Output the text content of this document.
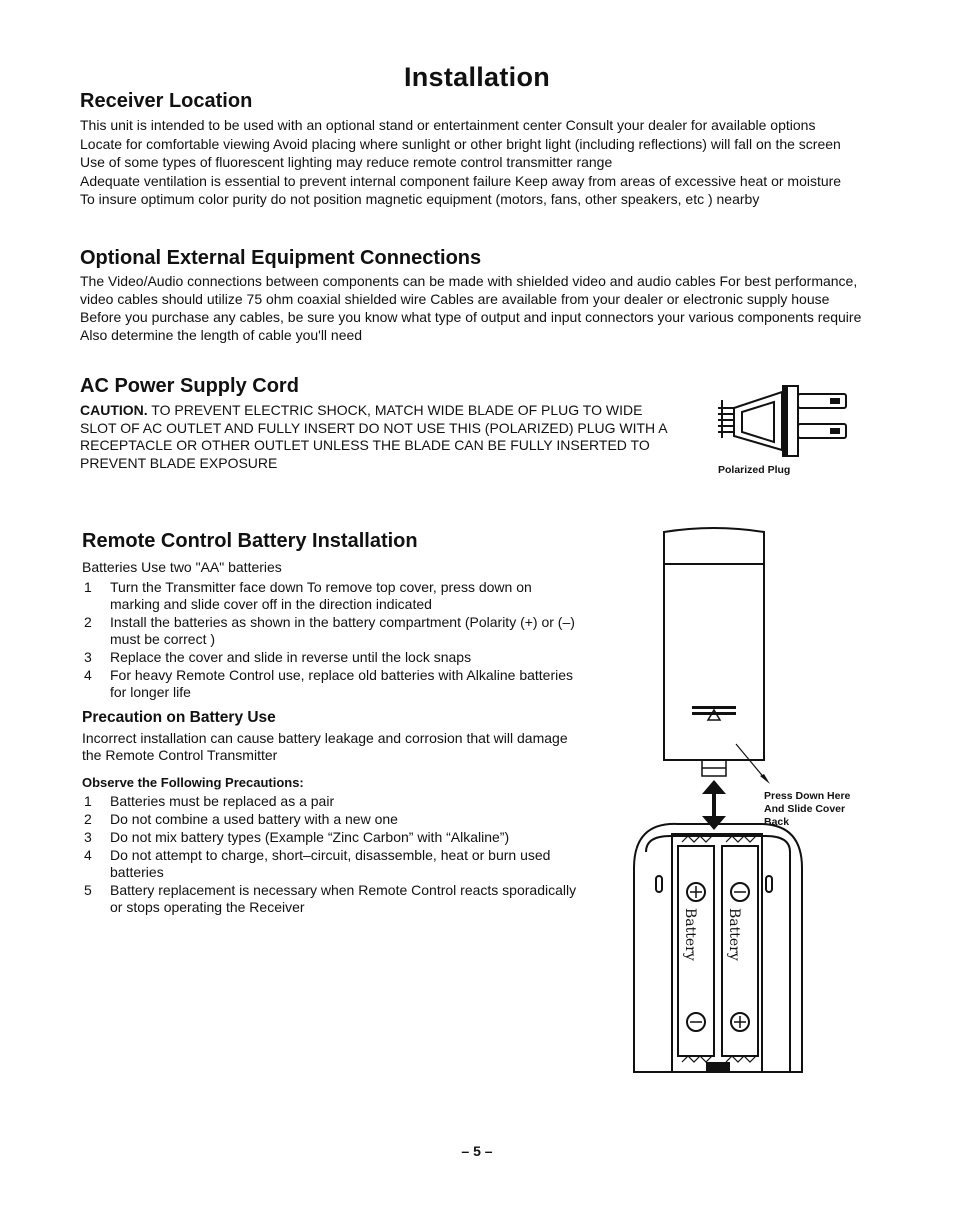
Installation
Receiver Location

This unit is intended to be used with an optional stand or entertainment center Consult your dealer for available options

Locate for comfortable viewing Avoid placing where sunlight or other bright light (including reflections) will fall on the screen

Use of some types of fluorescent lighting may reduce remote control transmitter range

Adequate ventilation is essential to prevent internal component failure Keep away from areas of excessive heat or moisture

To insure optimum color purity do not position magnetic equipment (motors, fans, other speakers, etc ) nearby

Optional External Equipment Connections

The Video/Audio connections between components can be made with shielded video and audio cables For best performance, video cables should utilize 75 ohm coaxial shielded wire Cables are available from your dealer or electronic supply house

Before you purchase any cables, be sure you know what type of output and input connectors your various components require Also determine the length of cable you'll need

AC Power Supply Cord
CAUTION. TO PREVENT ELECTRIC SHOCK, MATCH WIDE BLADE OF PLUG TO WIDE SLOT OF AC OUTLET AND FULLY INSERT DO NOT USE THIS (POLARIZED) PLUG WITH A RECEPTACLE OR OTHER OUTLET UNLESS THE BLADE CAN BE FULLY INSERTED TO PREVENT BLADE EXPOSURE	Polarized Plug
Remote Control Battery Installation

Batteries Use two "AA" batteries

1 Turn the Transmitter face down To remove top cover, press down on marking and slide cover off in the direction indicated
2 Install the batteries as shown in the battery compartment (Polarity (+) or (–) must be correct )
3 Replace the cover and slide in reverse until the lock snaps
4 For heavy Remote Control use, replace old batteries with Alkaline batteries for longer life
Precaution on Battery Use

Incorrect installation can cause battery leakage and corrosion that will damage the Remote Control Transmitter

Observe the Following Precautions:
1 Batteries must be replaced as a pair
2 Do not combine a used battery with a new one
3 Do not mix battery types (Example “Zinc Carbon” with “Alkaline”)
4 Do not attempt to charge, short–circuit, disassemble, heat or burn used batteries
5 Battery replacement is necessary when Remote Control reacts sporadically or stops operating the Receiver
Battery Battery
Press Down Here
And Slide Cover
Back
– 5 –
